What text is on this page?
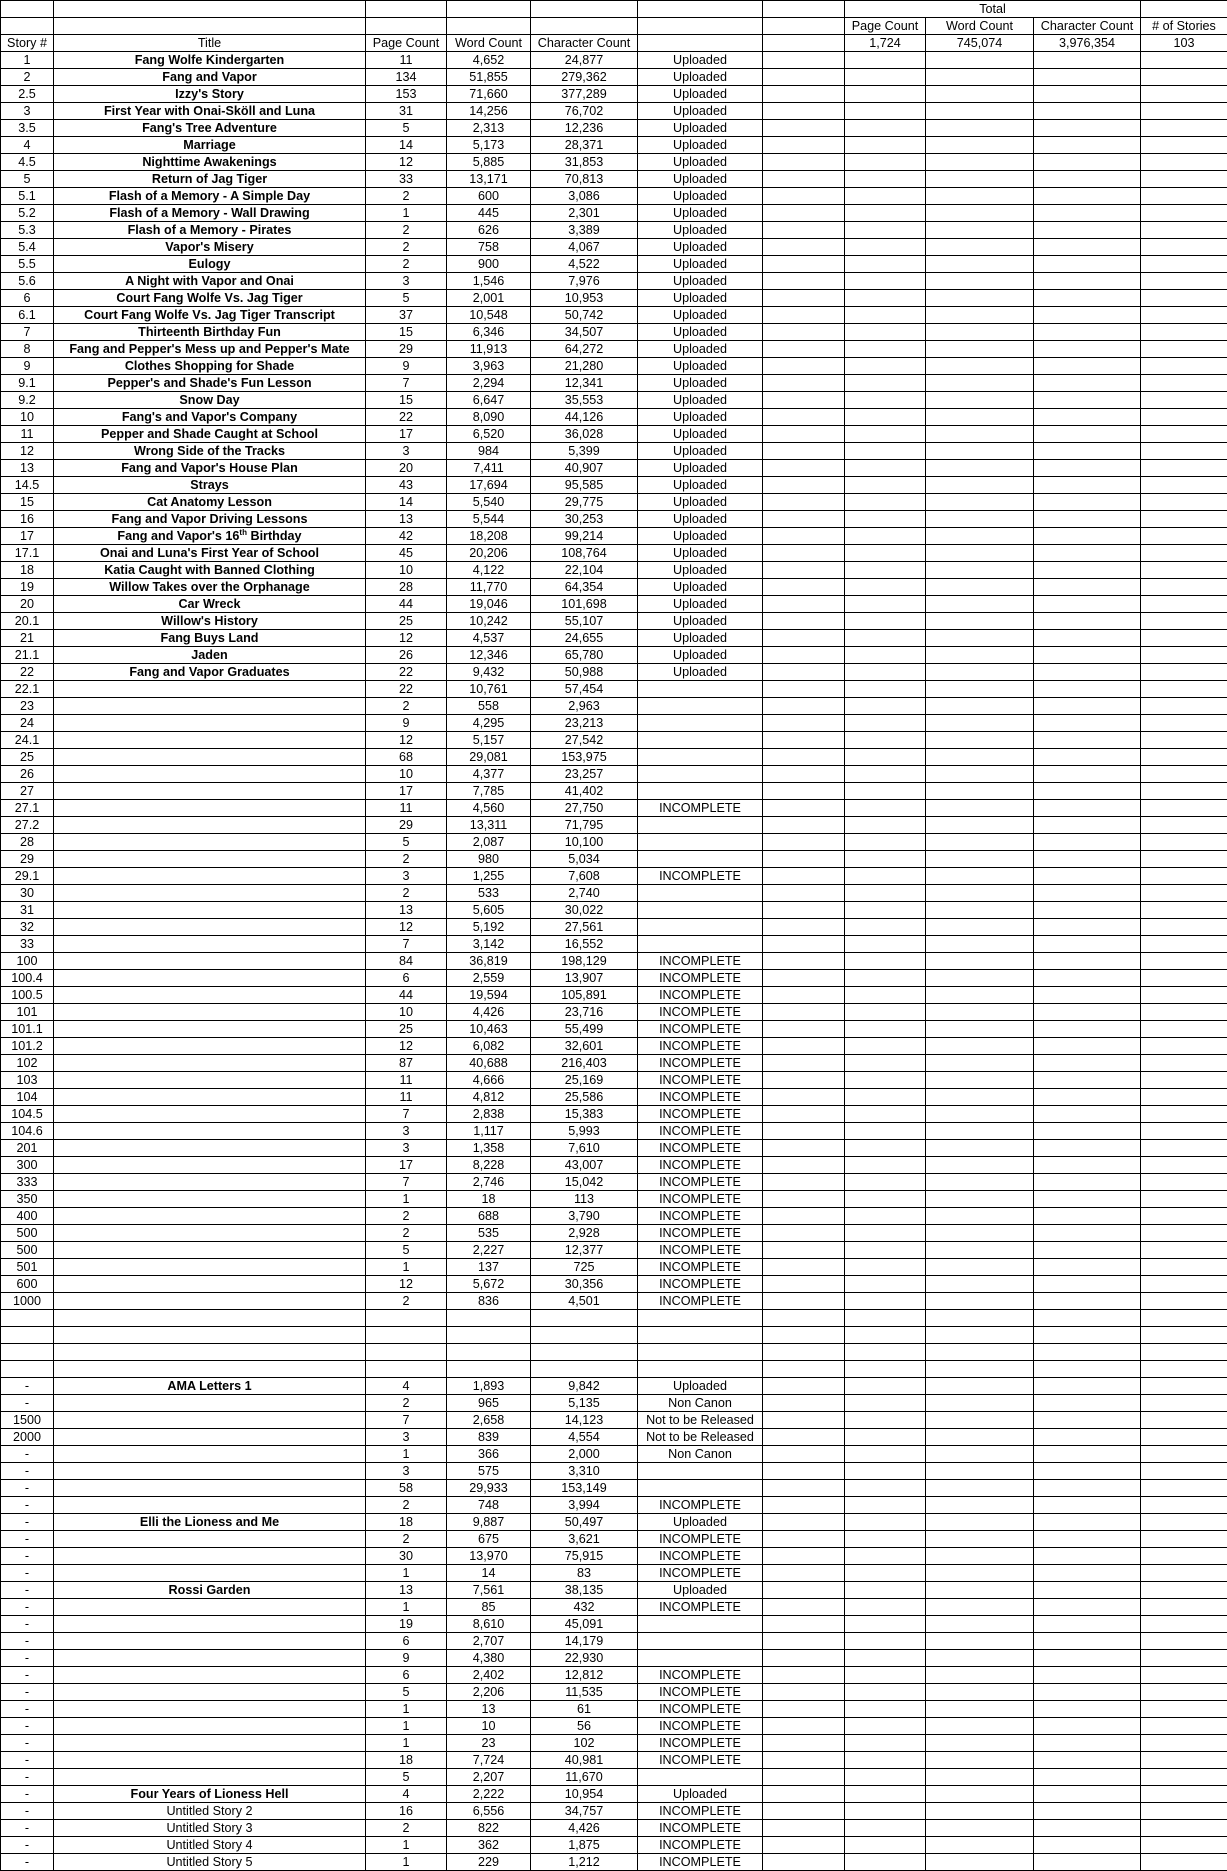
							Total			
							Page Count	Word Count	Character Count	# of Stories
Story #	Title	Page Count	Word Count	Character Count			1,724	745,074	3,976,354	103
1	Fang Wolfe Kindergarten	11	4,652	24,877	Uploaded					
2	Fang and Vapor	134	51,855	279,362	Uploaded					
2.5	Izzy's Story	153	71,660	377,289	Uploaded					
3	First Year with Onai-Sköll and Luna	31	14,256	76,702	Uploaded					
3.5	Fang's Tree Adventure	5	2,313	12,236	Uploaded					
4	Marriage	14	5,173	28,371	Uploaded					
4.5	Nighttime Awakenings	12	5,885	31,853	Uploaded					
5	Return of Jag Tiger	33	13,171	70,813	Uploaded					
5.1	Flash of a Memory - A Simple Day	2	600	3,086	Uploaded					
5.2	Flash of a Memory - Wall Drawing	1	445	2,301	Uploaded					
5.3	Flash of a Memory - Pirates	2	626	3,389	Uploaded					
5.4	Vapor's Misery	2	758	4,067	Uploaded					
5.5	Eulogy	2	900	4,522	Uploaded					
5.6	A Night with Vapor and Onai	3	1,546	7,976	Uploaded					
6	Court Fang Wolfe Vs. Jag Tiger	5	2,001	10,953	Uploaded					
6.1	Court Fang Wolfe Vs. Jag Tiger Transcript	37	10,548	50,742	Uploaded					
7	Thirteenth Birthday Fun	15	6,346	34,507	Uploaded					
8	Fang and Pepper's Mess up and Pepper's Mate	29	11,913	64,272	Uploaded					
9	Clothes Shopping for Shade	9	3,963	21,280	Uploaded					
9.1	Pepper's and Shade's Fun Lesson	7	2,294	12,341	Uploaded					
9.2	Snow Day	15	6,647	35,553	Uploaded					
10	Fang's and Vapor's Company	22	8,090	44,126	Uploaded					
11	Pepper and Shade Caught at School	17	6,520	36,028	Uploaded					
12	Wrong Side of the Tracks	3	984	5,399	Uploaded					
13	Fang and Vapor's House Plan	20	7,411	40,907	Uploaded					
14.5	Strays	43	17,694	95,585	Uploaded					
15	Cat Anatomy Lesson	14	5,540	29,775	Uploaded					
16	Fang and Vapor Driving Lessons	13	5,544	30,253	Uploaded					
17	Fang and Vapor's 16th Birthday	42	18,208	99,214	Uploaded					
17.1	Onai and Luna's First Year of School	45	20,206	108,764	Uploaded					
18	Katia Caught with Banned Clothing	10	4,122	22,104	Uploaded					
19	Willow Takes over the Orphanage	28	11,770	64,354	Uploaded					
20	Car Wreck	44	19,046	101,698	Uploaded					
20.1	Willow's History	25	10,242	55,107	Uploaded					
21	Fang Buys Land	12	4,537	24,655	Uploaded					
21.1	Jaden	26	12,346	65,780	Uploaded					
22	Fang and Vapor Graduates	22	9,432	50,988	Uploaded					
22.1		22	10,761	57,454						
23		2	558	2,963						
24		9	4,295	23,213						
24.1		12	5,157	27,542						
25		68	29,081	153,975						
26		10	4,377	23,257						
27		17	7,785	41,402						
27.1		11	4,560	27,750	INCOMPLETE					
27.2		29	13,311	71,795						
28		5	2,087	10,100						
29		2	980	5,034						
29.1		3	1,255	7,608	INCOMPLETE					
30		2	533	2,740						
31		13	5,605	30,022						
32		12	5,192	27,561						
33		7	3,142	16,552						
100		84	36,819	198,129	INCOMPLETE					
100.4		6	2,559	13,907	INCOMPLETE					
100.5		44	19,594	105,891	INCOMPLETE					
101		10	4,426	23,716	INCOMPLETE					
101.1		25	10,463	55,499	INCOMPLETE					
101.2		12	6,082	32,601	INCOMPLETE					
102		87	40,688	216,403	INCOMPLETE					
103		11	4,666	25,169	INCOMPLETE					
104		11	4,812	25,586	INCOMPLETE					
104.5		7	2,838	15,383	INCOMPLETE					
104.6		3	1,117	5,993	INCOMPLETE					
201		3	1,358	7,610	INCOMPLETE					
300		17	8,228	43,007	INCOMPLETE					
333		7	2,746	15,042	INCOMPLETE					
350		1	18	113	INCOMPLETE					
400		2	688	3,790	INCOMPLETE					
500		2	535	2,928	INCOMPLETE					
500		5	2,227	12,377	INCOMPLETE					
501		1	137	725	INCOMPLETE					
600		12	5,672	30,356	INCOMPLETE					
1000		2	836	4,501	INCOMPLETE					

-	AMA Letters 1	4	1,893	9,842	Uploaded					
-		2	965	5,135	Non Canon					
1500		7	2,658	14,123	Not to be Released					
2000		3	839	4,554	Not to be Released					
-		1	366	2,000	Non Canon					
-		3	575	3,310						
-		58	29,933	153,149						
-		2	748	3,994	INCOMPLETE					
-	Elli the Lioness and Me	18	9,887	50,497	Uploaded					
-		2	675	3,621	INCOMPLETE					
-		30	13,970	75,915	INCOMPLETE					
-		1	14	83	INCOMPLETE					
-	Rossi Garden	13	7,561	38,135	Uploaded					
-		1	85	432	INCOMPLETE					
-		19	8,610	45,091						
-		6	2,707	14,179						
-		9	4,380	22,930						
-		6	2,402	12,812	INCOMPLETE					
-		5	2,206	11,535	INCOMPLETE					
-		1	13	61	INCOMPLETE					
-		1	10	56	INCOMPLETE					
-		1	23	102	INCOMPLETE					
-		18	7,724	40,981	INCOMPLETE					
-		5	2,207	11,670						
-	Four Years of Lioness Hell	4	2,222	10,954	Uploaded					
-	Untitled Story 2	16	6,556	34,757	INCOMPLETE					
-	Untitled Story 3	2	822	4,426	INCOMPLETE					
-	Untitled Story 4	1	362	1,875	INCOMPLETE					
-	Untitled Story 5	1	229	1,212	INCOMPLETE					
